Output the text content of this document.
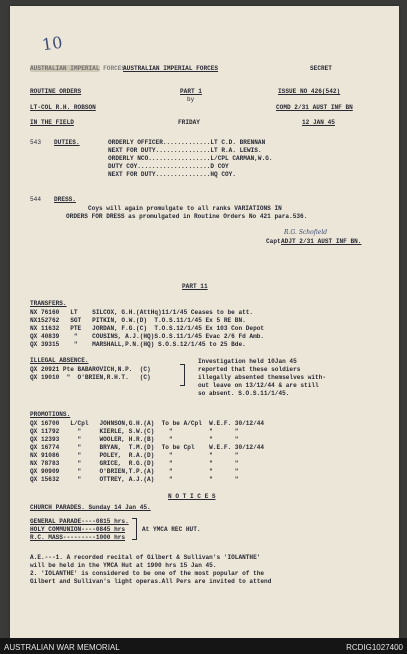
10
AUSTRALIAN IMPERIAL FORCES
AUSTRALIAN IMPERIAL FORCES	SECRET
ROUTINE ORDERS	PART 1
by
ISSUE NO 426(542)
LT-COL R.H. ROBSON	COMD 2/31 AUST INF BN
IN THE FIELD	FRIDAY	12 JAN 45
543 DUTIES.	ORDERLY OFFICER.............LT C.D. BRENNAN
NEXT FOR DUTY...............LT R.A. LEWIS.
ORDERLY NCO.................L/CPL CARMAN,W.G.
DUTY COY....................D COY
NEXT FOR DUTY...............HQ COY.
544 DRESS.
Coys will again promulgate to all ranks VARIATIONS IN
ORDERS FOR DRESS as promulgated in Routine Orders No 421 para.536.
R.G. Schofield
Capt ADJT 2/31 AUST INF BN.
PART 11
TRANSFERS.
NX 76160   LT    SILCOX, G.H.(AttHq)11/1/45 Ceases to be att.
NX152762   SGT   PITKIN, O.W.(D)  T.O.S.11/1/45 Ex 5 RE BN.
NX 11632   PTE   JORDAN, F.G.(C)  T.O.S.12/1/45 Ex 103 Con Depot
QX 40839    "    COUSINS, A.J.(HQ)S.O.S.11/1/45 Evac 2/6 Fd Amb.
QX 39315    "    MARSHALL,P.N.(HQ) S.O.S.12/1/45 to 25 Bde.
ILLEGAL ABSENCE.
QX 20921 Pte BABAROVICH,N.P.  (C)
QX 19010  "  O'BRIEN,R.H.T.   (C)
Investigation held 10Jan 45
reported that these soldiers
illegally absented themselves with-
out leave on 13/12/44 & are still
so absent. S.O.S.11/1/45.
PROMOTIONS.
QX 16700   L/Cpl   JOHNSON,G.H.(A)  To be A/Cpl  W.E.F. 30/12/44
QX 11792     "     KIERLE, S.W.(C)    "          "      "
QX 12393     "     WOOLER, H.R.(B)    "          "      "
QX 16774     "     BRYAN,  T.M.(D)  To be Cpl    W.E.F. 30/12/44
NX 91086     "     POLEY,  R.A.(D)    "          "      "
NX 78783     "     GRICE,  R.G.(D)    "          "      "
QX 90909     "     O'BRIEN,T.P.(A)    "          "      "
QX 15632     "     OTTREY, A.J.(A)    "          "      "
N O T I C E S
CHURCH PARADES. Sunday 14 Jan 45.
GENERAL PARADE----0815 hrs.
HOLY COMMUNION----0845 hrs
R.C. MASS---------1000 hrs
At YMCA REC HUT.
A.E.---1. A recorded recital of Gilbert & Sullivan's 'IOLANTHE'
will be held in the YMCA Hut at 1900 hrs 15 Jan 45.
2. 'IOLANTHE' is considered to be one of the most popular of the
Gilbert and Sullivan's light operas.All Pers are invited to attend
AUSTRALIAN WAR MEMORIAL	RCDIG1027400
